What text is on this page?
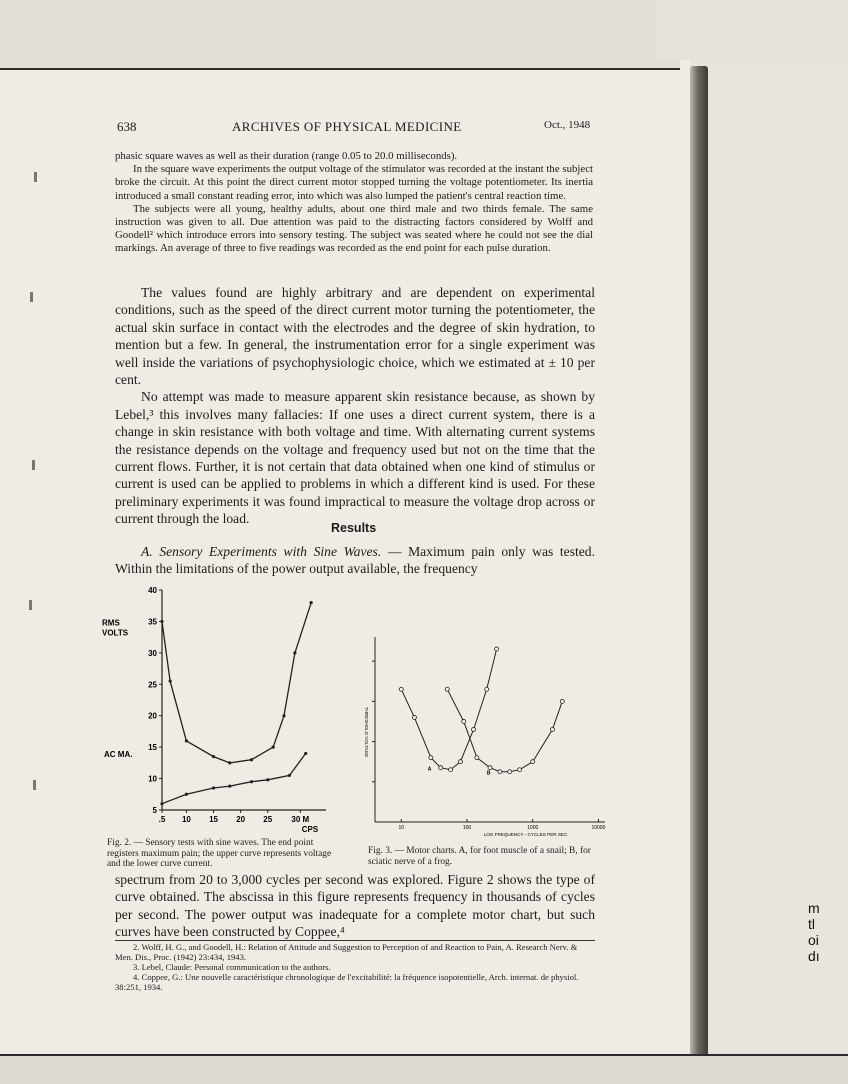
638	ARCHIVES OF PHYSICAL MEDICINE	Oct., 1948

phasic square waves as well as their duration (range 0.05 to 20.0 milliseconds).

In the square wave experiments the output voltage of the stimulator was recorded at the instant the subject broke the circuit. At this point the direct current motor stopped turning the voltage potentiometer. Its inertia introduced a small constant reading error, into which was also lumped the patient's central reaction time.

The subjects were all young, healthy adults, about one third male and two thirds female. The same instruction was given to all. Due attention was paid to the distracting factors considered by Wolff and Goodell² which introduce errors into sensory testing. The subject was seated where he could not see the dial markings. An average of three to five readings was recorded as the end point for each pulse duration.

The values found are highly arbitrary and are dependent on experimental conditions, such as the speed of the direct current motor turning the potentiometer, the actual skin surface in contact with the electrodes and the degree of skin hydration, to mention but a few. In general, the instrumentation error for a single experiment was well inside the variations of psychophysiologic choice, which we estimated at ± 10 per cent.

No attempt was made to measure apparent skin resistance because, as shown by Lebel,³ this involves many fallacies: If one uses a direct current system, there is a change in skin resistance with both voltage and time. With alternating current systems the resistance depends on the voltage and frequency used but not on the time that the current flows. Further, it is not certain that data obtained when one kind of stimulus or current is used can be applied to problems in which a different kind is used. For these preliminary experiments it was found impractical to measure the voltage drop across or current through the load.

Results

A. Sensory Experiments with Sine Waves. — Maximum pain only was tested. Within the limitations of the power output available, the frequency

5
10
15
20
25
30
35
40
.5 10 15 20 25 30 M
CPS
RMS
VOLTS
AC MA.
10	100	1000	10000
LOG FREQUENCY - CYCLES PER SEC.
THRESHOLD VOLTAGE
A
B
Fig. 2. — Sensory tests with sine waves. The end point registers maximum pain; the upper curve represents voltage and the lower curve current.
Fig. 3. — Motor charts. A, for foot muscle of a snail; B, for sciatic nerve of a frog.

spectrum from 20 to 3,000 cycles per second was explored. Figure 2 shows the type of curve obtained. The abscissa in this figure represents frequency in thousands of cycles per second. The power output was inadequate for a complete motor chart, but such curves have been constructed by Coppee,⁴

2. Wolff, H. G., and Goodell, H.: Relation of Attitude and Suggestion to Perception of and Reaction to Pain, A. Research Nerv. & Men. Dis., Proc. (1942) 23:434, 1943.

3. Lebel, Claude: Personal communication to the authors.

4. Coppee, G.: Une nouvelle caractéristique chronologique de l'excitabilité: la fréquence isopotentielle, Arch. internat. de physiol. 38:251, 1934.

m
tl
oi
dı
